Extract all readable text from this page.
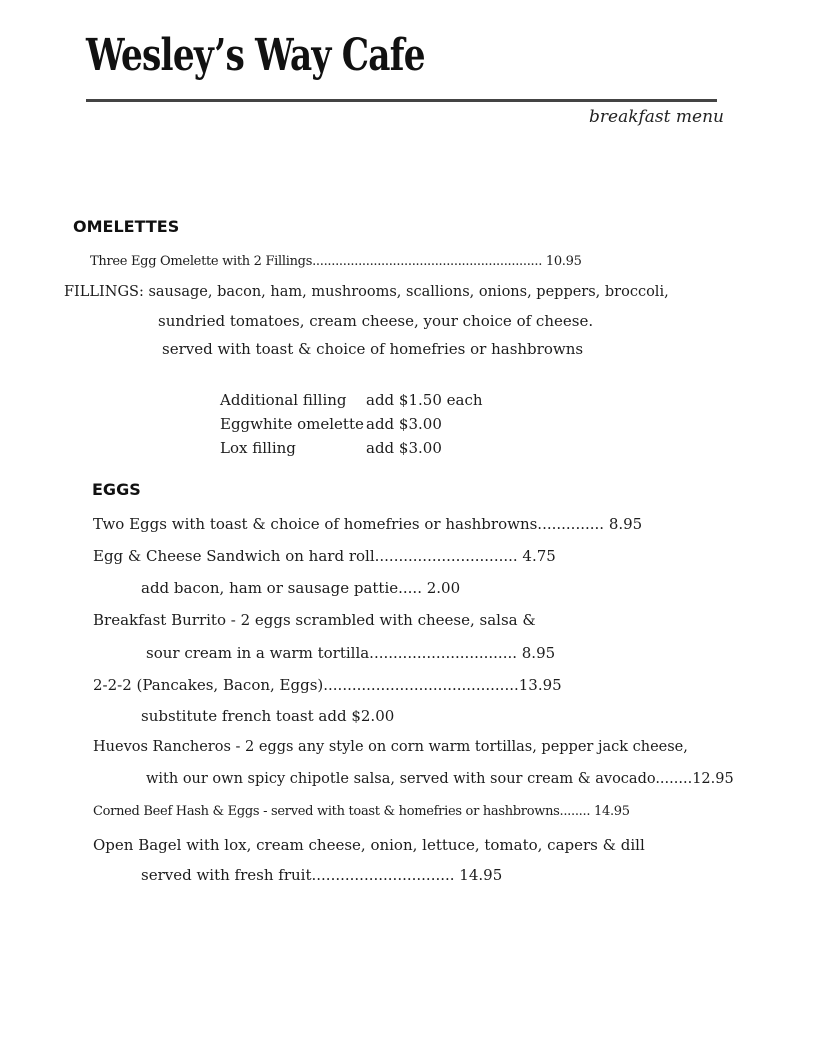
Wesley’s Way Cafe
breakfast menu
OMELETTES
Three Egg Omelette with 2 Fillings............................................................ 10.95
FILLINGS: sausage, bacon, ham, mushrooms, scallions, onions, peppers, broccoli,
sundried tomatoes, cream cheese, your choice of cheese.
served with toast & choice of homefries or hashbrowns
Additional filling add $1.50 each
Eggwhite omelette add $3.00
Lox filling	add $3.00
EGGS
Two Eggs with toast & choice of homefries or hashbrowns.............. 8.95
Egg & Cheese Sandwich on hard roll.............................. 4.75
add bacon, ham or sausage pattie..... 2.00
Breakfast Burrito - 2 eggs scrambled with cheese, salsa &
sour cream in a warm tortilla............................... 8.95
2-2-2 (Pancakes, Bacon, Eggs).........................................13.95
substitute french toast add $2.00
Huevos Rancheros - 2 eggs any style on corn warm tortillas, pepper jack cheese,
with our own spicy chipotle salsa, served with sour cream & avocado........12.95
Corned Beef Hash & Eggs - served with toast & homefries or hashbrowns........ 14.95
Open Bagel with lox, cream cheese, onion, lettuce, tomato, capers & dill
served with fresh fruit.............................. 14.95
